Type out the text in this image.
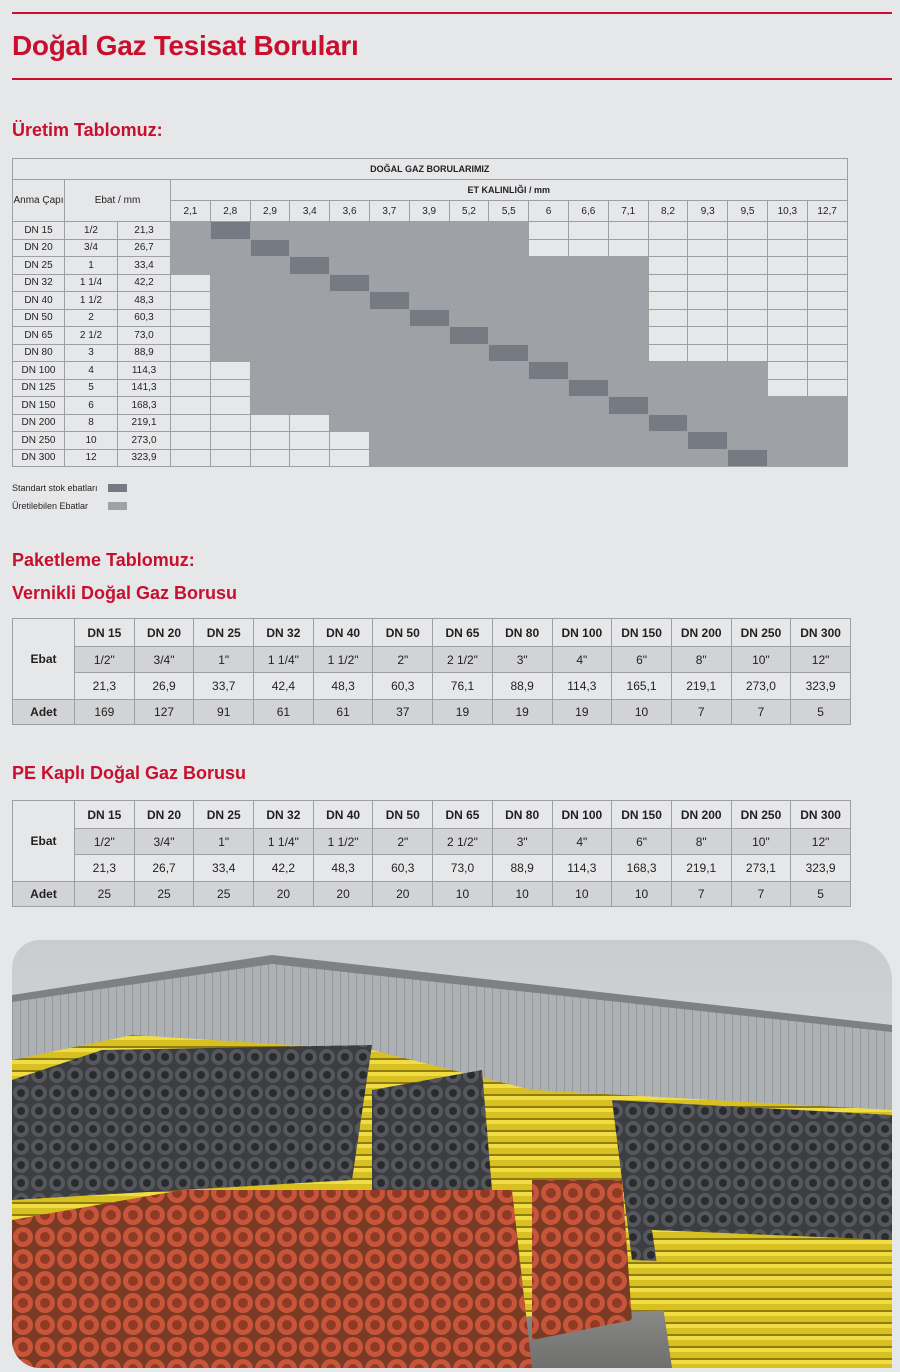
Doğal Gaz Tesisat Boruları
Üretim Tablomuz:
DOĞAL GAZ BORULARIMIZ																			
Anma Çapı	Ebat / mm		ET KALINLIĞI / mm																
			2,1	2,8	2,9	3,4	3,6	3,7	3,9	5,2	5,5	6	6,6	7,1	8,2	9,3	9,5	10,3	12,7
DN 15	1/2	21,3																	
DN 20	3/4	26,7																	
DN 25	1	33,4																	
DN 32	1 1/4	42,2																	
DN 40	1 1/2	48,3																	
DN 50	2	60,3																	
DN 65	2 1/2	73,0																	
DN 80	3	88,9																	
DN 100	4	114,3																	
DN 125	5	141,3																	
DN 150	6	168,3																	
DN 200	8	219,1																	
DN 250	10	273,0																	
DN 300	12	323,9																	
Standart stok ebatları
Üretilebilen Ebatlar
Paketleme Tablomuz:
Vernikli Doğal Gaz Borusu
Ebat	DN 15	DN 20	DN 25	DN 32	DN 40	DN 50	DN 65	DN 80	DN 100	DN 150	DN 200	DN 250	DN 300
	1/2"	3/4"	1"	1 1/4"	1 1/2"	2"	2 1/2"	3"	4"	6"	8"	10"	12"
	21,3	26,9	33,7	42,4	48,3	60,3	76,1	88,9	114,3	165,1	219,1	273,0	323,9
Adet	169	127	91	61	61	37	19	19	19	10	7	7	5
PE Kaplı Doğal Gaz Borusu
Ebat	DN 15	DN 20	DN 25	DN 32	DN 40	DN 50	DN 65	DN 80	DN 100	DN 150	DN 200	DN 250	DN 300
	1/2"	3/4"	1"	1 1/4"	1 1/2"	2"	2 1/2"	3"	4"	6"	8"	10"	12"
	21,3	26,7	33,4	42,2	48,3	60,3	73,0	88,9	114,3	168,3	219,1	273,1	323,9
Adet	25	25	25	20	20	20	10	10	10	10	7	7	5
